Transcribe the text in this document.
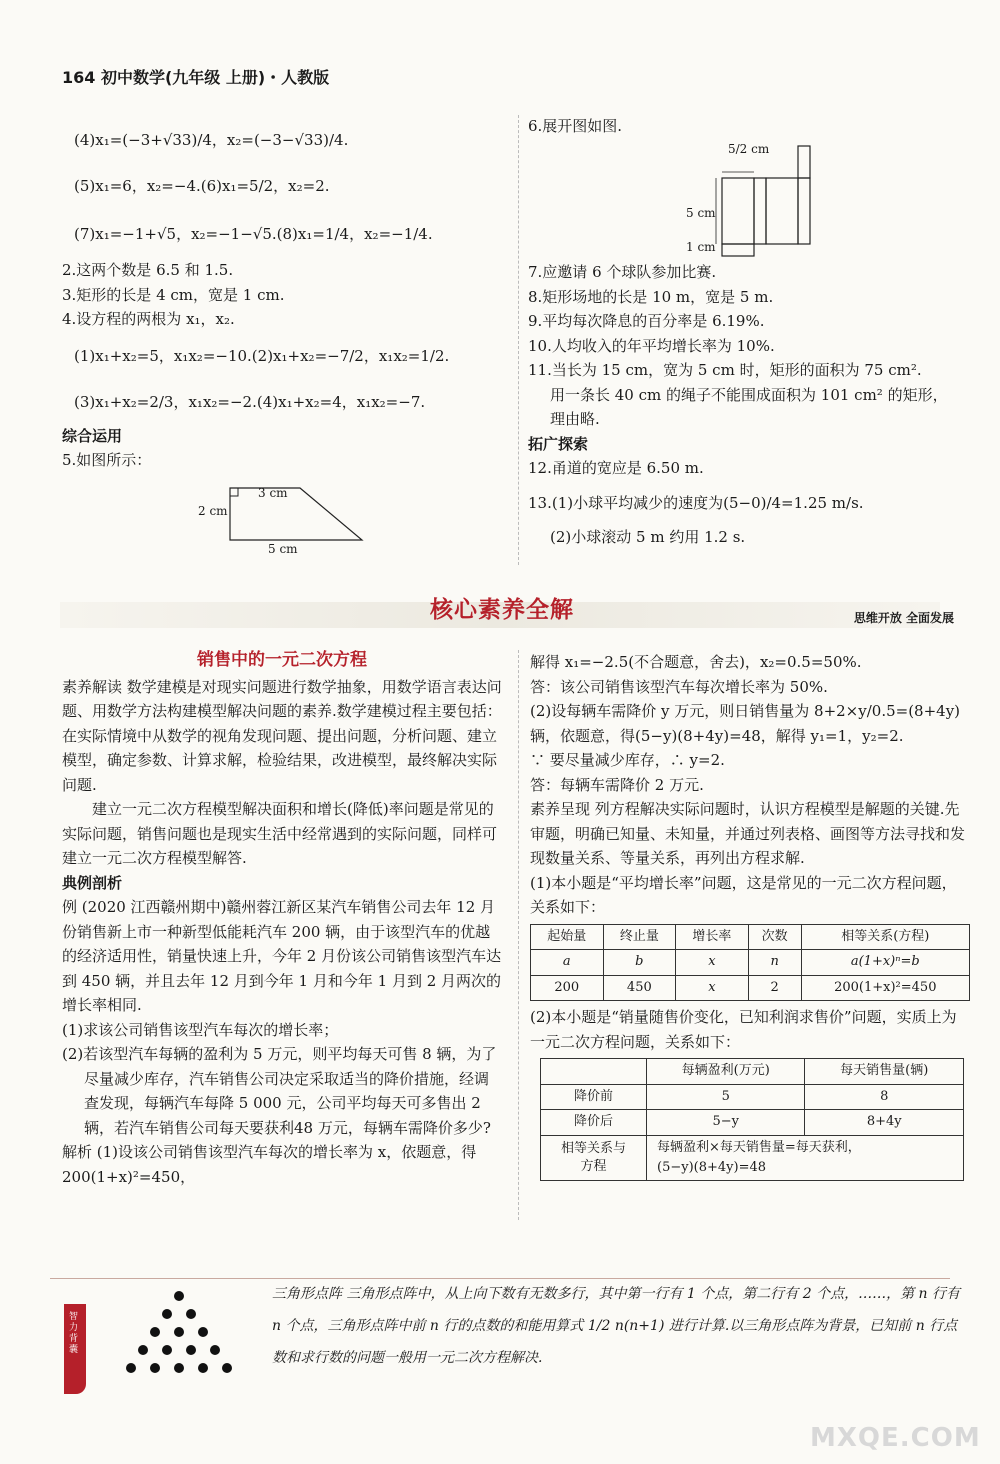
164 初中数学(九年级 上册)・人教版
(4)x₁=(−3+√33)/4，x₂=(−3−√33)/4.
(5)x₁=6，x₂=−4.(6)x₁=5/2，x₂=2.
(7)x₁=−1+√5，x₂=−1−√5.(8)x₁=1/4，x₂=−1/4.
2.这两个数是 6.5 和 1.5.
3.矩形的长是 4 cm，宽是 1 cm.
4.设方程的两根为 x₁，x₂.
(1)x₁+x₂=5，x₁x₂=−10.(2)x₁+x₂=−7/2，x₁x₂=1/2.
(3)x₁+x₂=2/3，x₁x₂=−2.(4)x₁+x₂=4，x₁x₂=−7.
综合运用
5.如图所示：
3 cm
2 cm
5 cm
6.展开图如图.
5/2 cm
5 cm
1 cm
7.应邀请 6 个球队参加比赛.
8.矩形场地的长是 10 m，宽是 5 m.
9.平均每次降息的百分率是 6.19%.
10.人均收入的年平均增长率为 10%.
11.当长为 15 cm，宽为 5 cm 时，矩形的面积为 75 cm².
用一条长 40 cm 的绳子不能围成面积为 101 cm² 的矩形，
理由略.
拓广探索
12.甬道的宽应是 6.50 m.
13.(1)小球平均减少的速度为(5−0)/4=1.25 m/s.
(2)小球滚动 5 m 约用 1.2 s.
核心素养全解	思维开放 全面发展
销售中的一元二次方程
素养解读 数学建模是对现实问题进行数学抽象，用数学语言表达问题、用数学方法构建模型解决问题的素养.数学建模过程主要包括：在实际情境中从数学的视角发现问题、提出问题，分析问题、建立模型，确定参数、计算求解，检验结果，改进模型，最终解决实际问题.
建立一元二次方程模型解决面积和增长(降低)率问题是常见的实际问题，销售问题也是现实生活中经常遇到的实际问题，同样可建立一元二次方程模型解答.
典例剖析
例 (2020 江西赣州期中)赣州蓉江新区某汽车销售公司去年 12 月份销售新上市一种新型低能耗汽车 200 辆，由于该型汽车的优越的经济适用性，销量快速上升，今年 2 月份该公司销售该型汽车达到 450 辆，并且去年 12 月到今年 1 月和今年 1 月到 2 月两次的增长率相同.
(1)求该公司销售该型汽车每次的增长率；
(2)若该型汽车每辆的盈利为 5 万元，则平均每天可售 8 辆，为了尽量减少库存，汽车销售公司决定采取适当的降价措施，经调查发现，每辆汽车每降 5 000 元，公司平均每天可多售出 2 辆，若汽车销售公司每天要获利48 万元，每辆车需降价多少?
解析 (1)设该公司销售该型汽车每次的增长率为 x，依题意，得 200(1+x)²=450，
解得 x₁=−2.5(不合题意，舍去)，x₂=0.5=50%.
答：该公司销售该型汽车每次增长率为 50%.
(2)设每辆车需降价 y 万元，则日销售量为 8+2×y/0.5=(8+4y)辆，依题意，得(5−y)(8+4y)=48，解得 y₁=1，y₂=2.
∵ 要尽量减少库存，∴ y=2.
答：每辆车需降价 2 万元.
素养呈现 列方程解决实际问题时，认识方程模型是解题的关键.先审题，明确已知量、未知量，并通过列表格、画图等方法寻找和发现数量关系、等量关系，再列出方程求解.
(1)本小题是“平均增长率”问题，这是常见的一元二次方程问题，关系如下：
起始量	终止量	增长率	次数	相等关系(方程)
a	b	x	n	a(1+x)ⁿ=b
200	450	x	2	200(1+x)²=450
(2)本小题是“销量随售价变化，已知利润求售价”问题，实质上为一元二次方程问题，关系如下：
	每辆盈利(万元)	每天销售量(辆)
降价前	5	8
降价后	5−y	8+4y
相等关系与方程	每辆盈利×每天销售量=每天获利，
(5−y)(8+4y)=48	
智力背囊
三角形点阵 三角形点阵中，从上向下数有无数多行，其中第一行有 1 个点，第二行有 2 个点，……，第 n 行有 n 个点，三角形点阵中前 n 行的点数的和能用算式 1/2 n(n+1) 进行计算.以三角形点阵为背景，已知前 n 行点数和求行数的问题一般用一元二次方程解决.
MXQE.COM
